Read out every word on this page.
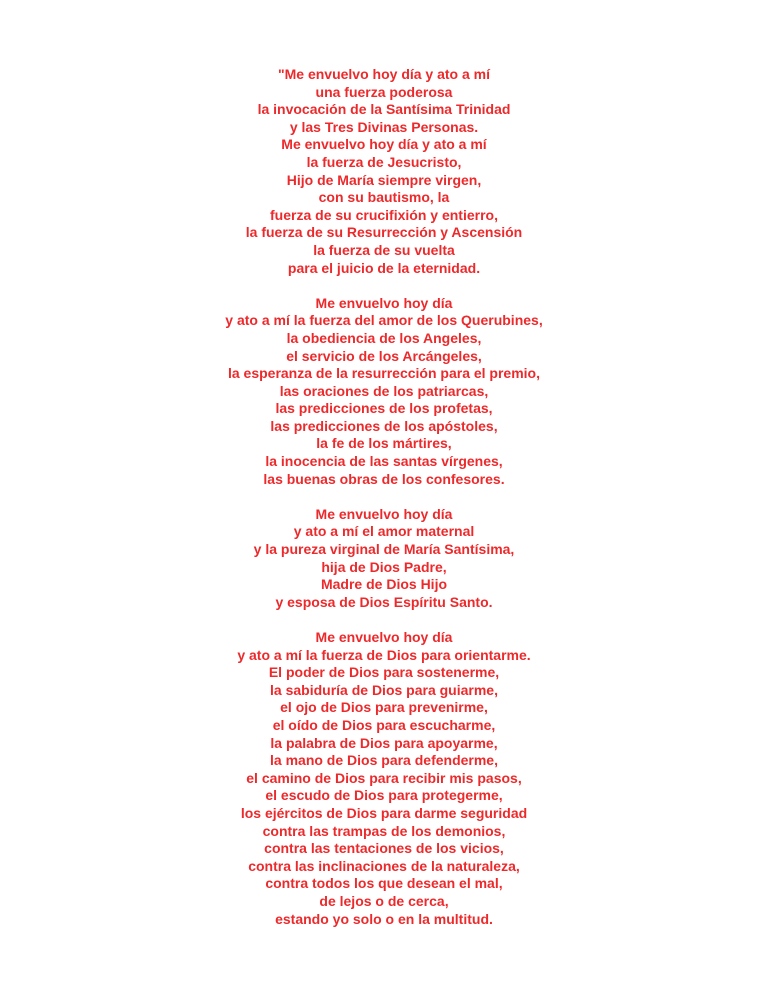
"Me envuelvo hoy día y ato a mí
una fuerza poderosa
la invocación de la Santísima Trinidad
y las Tres Divinas Personas.
Me envuelvo hoy día y ato a mí
la fuerza de Jesucristo,
Hijo de María siempre virgen,
con su bautismo, la
fuerza de su crucifixión y entierro,
la fuerza de su Resurrección y Ascensión
la fuerza de su vuelta
para el juicio de la eternidad.
Me envuelvo hoy día
y ato a mí la fuerza del amor de los Querubines,
la obediencia de los Angeles,
el servicio de los Arcángeles,
la esperanza de la resurrección para el premio,
las oraciones de los patriarcas,
las predicciones de los profetas,
las predicciones de los apóstoles,
la fe de los mártires,
la inocencia de las santas vírgenes,
las buenas obras de los confesores.
Me envuelvo hoy día
y ato a mí el amor maternal
y la pureza virginal de María Santísima,
hija de Dios Padre,
Madre de Dios Hijo
y esposa de Dios Espíritu Santo.
Me envuelvo hoy día
y ato a mí la fuerza de Dios para orientarme.
El poder de Dios para sostenerme,
la sabiduría de Dios para guiarme,
el ojo de Dios para prevenirme,
el oído de Dios para escucharme,
la palabra de Dios para apoyarme,
la mano de Dios para defenderme,
el camino de Dios para recibir mis pasos,
el escudo de Dios para protegerme,
los ejércitos de Dios para darme seguridad
contra las trampas de los demonios,
contra las tentaciones de los vicios,
contra las inclinaciones de la naturaleza,
contra todos los que desean el mal,
de lejos o de cerca,
estando yo solo o en la multitud.
